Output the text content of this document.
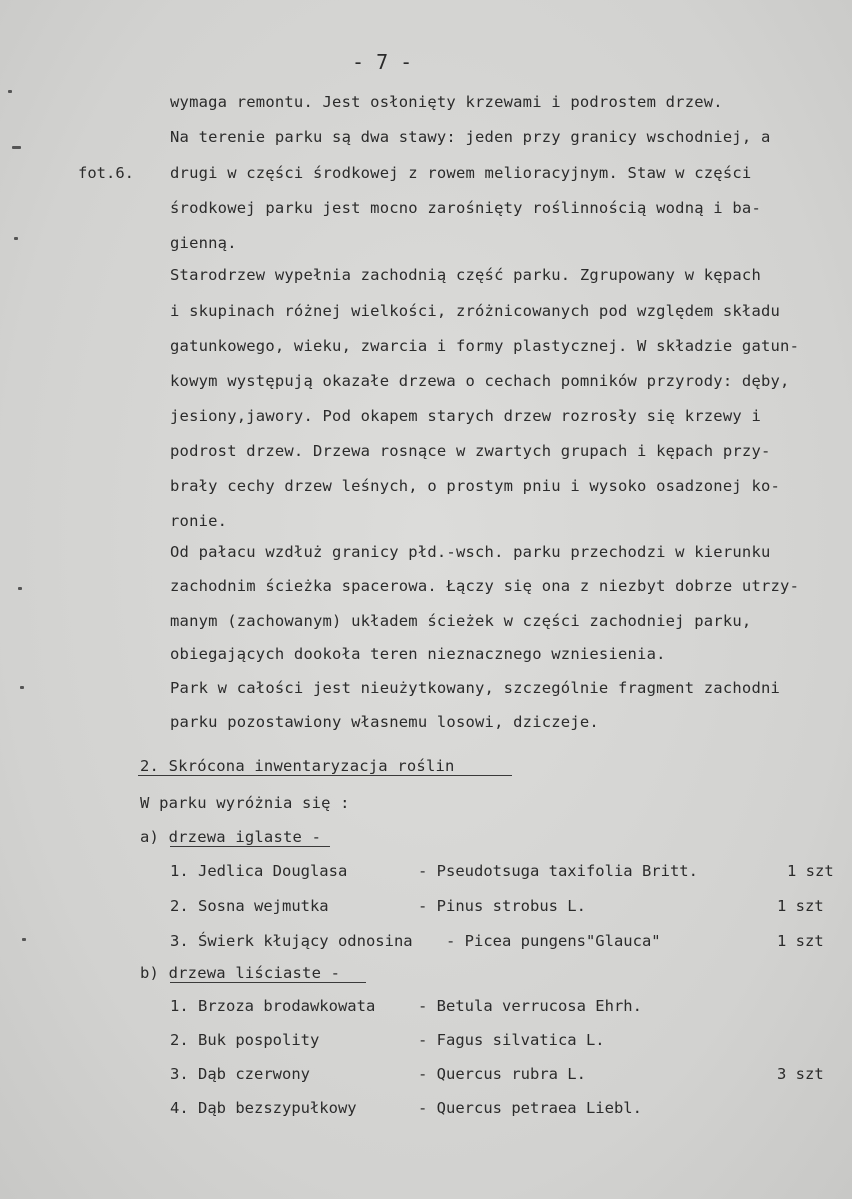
- 7 -
fot.6.
wymaga remontu. Jest osłonięty krzewami i podrostem drzew.
Na terenie parku są dwa stawy: jeden przy granicy wschodniej, a
drugi w części środkowej z rowem melioracyjnym. Staw w części
środkowej parku jest mocno zarośnięty roślinnością wodną i ba-
gienną.
Starodrzew wypełnia zachodnią część parku. Zgrupowany w kępach
i skupinach różnej wielkości, zróżnicowanych pod względem składu
gatunkowego, wieku, zwarcia i formy plastycznej. W składzie gatun-
kowym występują okazałe drzewa o cechach pomników przyrody: dęby,
jesiony,jawory. Pod okapem starych drzew rozrosły się krzewy i
podrost drzew. Drzewa rosnące w zwartych grupach i kępach przy-
brały cechy drzew leśnych, o prostym pniu i wysoko osadzonej ko-
ronie.
Od pałacu wzdłuż granicy płd.-wsch. parku przechodzi w kierunku
zachodnim ścieżka spacerowa. Łączy się ona z niezbyt dobrze utrzy-
manym (zachowanym) układem ścieżek w części zachodniej parku,
obiegających dookoła teren nieznacznego wzniesienia.
Park w całości jest nieużytkowany, szczególnie fragment zachodni
parku pozostawiony własnemu losowi, dziczeje.
2. Skrócona inwentaryzacja roślin
W parku wyróżnia się :
a) drzewa iglaste -
1. Jedlica Douglasa	- Pseudotsuga taxifolia Britt.	1 szt
2. Sosna wejmutka	- Pinus strobus L.	1 szt
3. Świerk kłujący odnosina - Picea pungens"Glauca"	1 szt
b) drzewa liściaste -
1. Brzoza brodawkowata	- Betula verrucosa Ehrh.
2. Buk pospolity	- Fagus silvatica L.
3. Dąb czerwony	- Quercus rubra L.	3 szt
4. Dąb bezszypułkowy	- Quercus petraea Liebl.
